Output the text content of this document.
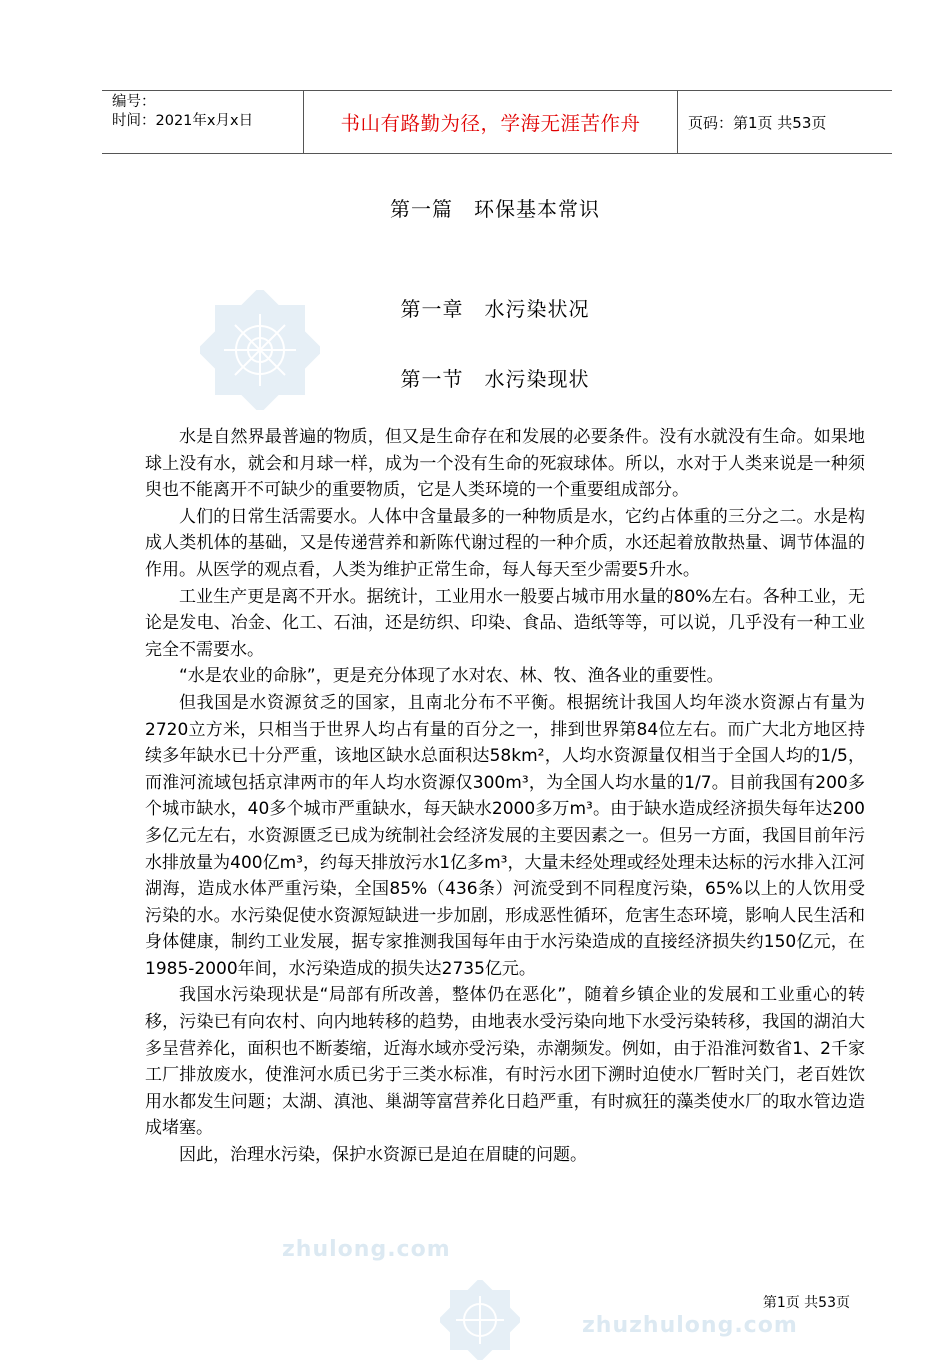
编号：
时间：2021年x月x日	书山有路勤为径，学海无涯苦作舟	页码：第1页 共53页
第一篇　环保基本常识
第一章　水污染状况
第一节　水污染现状

水是自然界最普遍的物质，但又是生命存在和发展的必要条件。没有水就没有生命。如果地球上没有水，就会和月球一样，成为一个没有生命的死寂球体。所以，水对于人类来说是一种须臾也不能离开不可缺少的重要物质，它是人类环境的一个重要组成部分。

人们的日常生活需要水。人体中含量最多的一种物质是水，它约占体重的三分之二。水是构成人类机体的基础，又是传递营养和新陈代谢过程的一种介质，水还起着放散热量、调节体温的作用。从医学的观点看，人类为维护正常生命，每人每天至少需要5升水。

工业生产更是离不开水。据统计，工业用水一般要占城市用水量的80%左右。各种工业，无论是发电、冶金、化工、石油，还是纺织、印染、食品、造纸等等，可以说，几乎没有一种工业完全不需要水。

“水是农业的命脉”，更是充分体现了水对农、林、牧、渔各业的重要性。

但我国是水资源贫乏的国家，且南北分布不平衡。根据统计我国人均年淡水资源占有量为2720立方米，只相当于世界人均占有量的百分之一，排到世界第84位左右。而广大北方地区持续多年缺水已十分严重，该地区缺水总面积达58km²，人均水资源量仅相当于全国人均的1/5，而淮河流域包括京津两市的年人均水资源仅300m³，为全国人均水量的1/7。目前我国有200多个城市缺水，40多个城市严重缺水，每天缺水2000多万m³。由于缺水造成经济损失每年达200多亿元左右，水资源匮乏已成为统制社会经济发展的主要因素之一。但另一方面，我国目前年污水排放量为400亿m³，约每天排放污水1亿多m³，大量未经处理或经处理未达标的污水排入江河湖海，造成水体严重污染，全国85%（436条）河流受到不同程度污染，65%以上的人饮用受污染的水。水污染促使水资源短缺进一步加剧，形成恶性循环，危害生态环境，影响人民生活和身体健康，制约工业发展，据专家推测我国每年由于水污染造成的直接经济损失约150亿元，在1985-2000年间，水污染造成的损失达2735亿元。

我国水污染现状是“局部有所改善，整体仍在恶化”，随着乡镇企业的发展和工业重心的转移，污染已有向农村、向内地转移的趋势，由地表水受污染向地下水受污染转移，我国的湖泊大多呈营养化，面积也不断萎缩，近海水域亦受污染，赤潮频发。例如，由于沿淮河数省1、2千家工厂排放废水，使淮河水质已劣于三类水标准，有时污水团下溯时迫使水厂暂时关门，老百姓饮用水都发生问题；太湖、滇池、巢湖等富营养化日趋严重，有时疯狂的藻类使水厂的取水管边造成堵塞。

因此，治理水污染，保护水资源已是迫在眉睫的问题。

zhulong.com
zhuzhulong.com
第1页 共53页
